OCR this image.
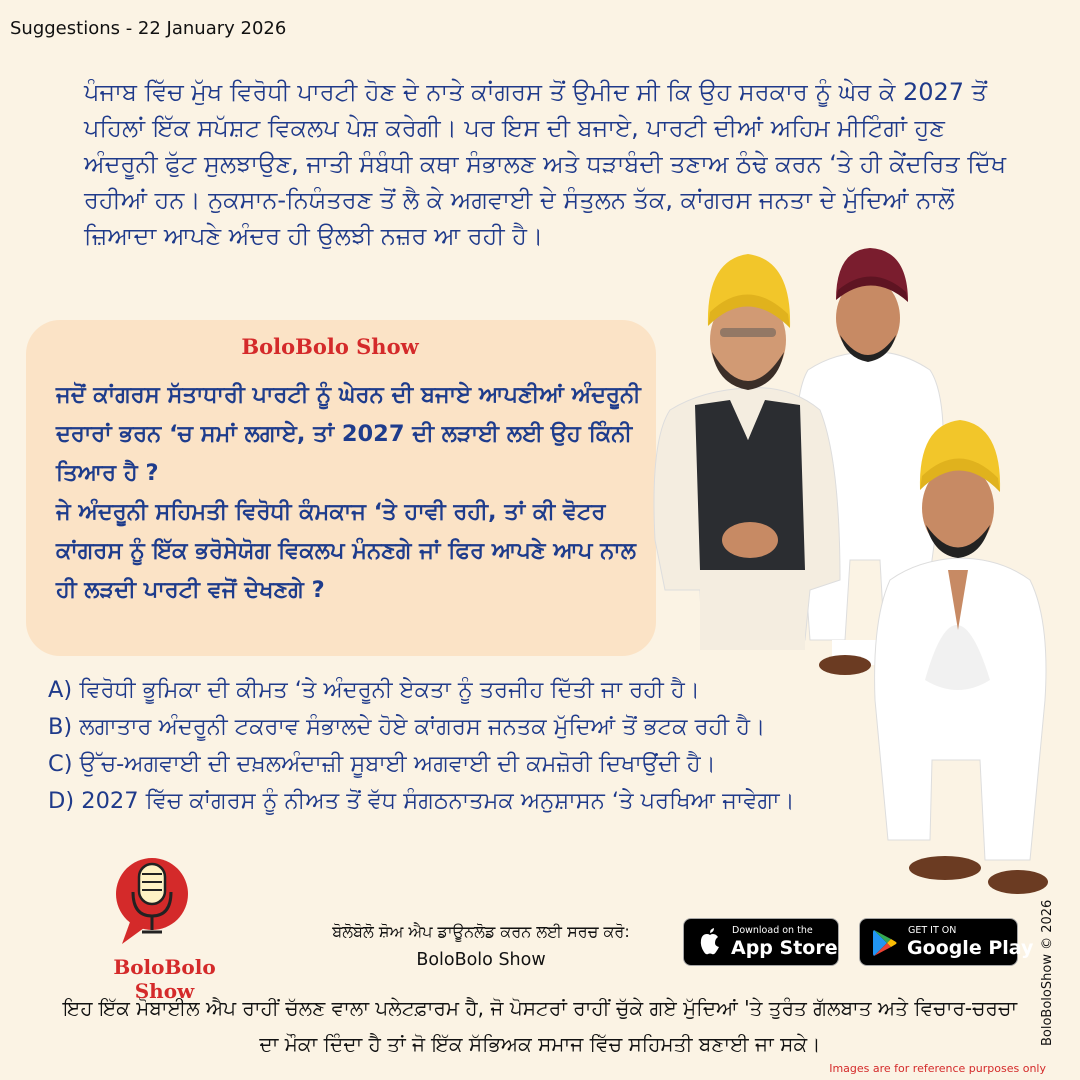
Suggestions - 22 January 2026
ਪੰਜਾਬ ਵਿੱਚ ਮੁੱਖ ਵਿਰੋਧੀ ਪਾਰਟੀ ਹੋਣ ਦੇ ਨਾਤੇ ਕਾਂਗਰਸ ਤੋਂ ਉਮੀਦ ਸੀ ਕਿ ਉਹ ਸਰਕਾਰ ਨੂੰ ਘੇਰ ਕੇ 2027 ਤੋਂ ਪਹਿਲਾਂ ਇੱਕ ਸਪੱਸ਼ਟ ਵਿਕਲਪ ਪੇਸ਼ ਕਰੇਗੀ। ਪਰ ਇਸ ਦੀ ਬਜਾਏ, ਪਾਰਟੀ ਦੀਆਂ ਅਹਿਮ ਮੀਟਿੰਗਾਂ ਹੁਣ ਅੰਦਰੂਨੀ ਫੁੱਟ ਸੁਲਝਾਉਣ, ਜਾਤੀ ਸੰਬੰਧੀ ਕਥਾ ਸੰਭਾਲਣ ਅਤੇ ਧੜਾਬੰਦੀ ਤਣਾਅ ਠੰਢੇ ਕਰਨ ‘ਤੇ ਹੀ ਕੇਂਦਰਿਤ ਦਿੱਖ ਰਹੀਆਂ ਹਨ। ਨੁਕਸਾਨ-ਨਿਯੰਤਰਣ ਤੋਂ ਲੈ ਕੇ ਅਗਵਾਈ ਦੇ ਸੰਤੁਲਨ ਤੱਕ, ਕਾਂਗਰਸ ਜਨਤਾ ਦੇ ਮੁੱਦਿਆਂ ਨਾਲੋਂ ਜ਼ਿਆਦਾ ਆਪਣੇ ਅੰਦਰ ਹੀ ਉਲਝੀ ਨਜ਼ਰ ਆ ਰਹੀ ਹੈ।
BoloBolo Show
ਜਦੋਂ ਕਾਂਗਰਸ ਸੱਤਾਧਾਰੀ ਪਾਰਟੀ ਨੂੰ ਘੇਰਨ ਦੀ ਬਜਾਏ ਆਪਣੀਆਂ ਅੰਦਰੂਨੀ ਦਰਾਰਾਂ ਭਰਨ ‘ਚ ਸਮਾਂ ਲਗਾਏ, ਤਾਂ 2027 ਦੀ ਲੜਾਈ ਲਈ ਉਹ ਕਿੰਨੀ ਤਿਆਰ ਹੈ ?
ਜੇ ਅੰਦਰੂਨੀ ਸਹਿਮਤੀ ਵਿਰੋਧੀ ਕੰਮਕਾਜ ‘ਤੇ ਹਾਵੀ ਰਹੀ, ਤਾਂ ਕੀ ਵੋਟਰ ਕਾਂਗਰਸ ਨੂੰ ਇੱਕ ਭਰੋਸੇਯੋਗ ਵਿਕਲਪ ਮੰਨਣਗੇ ਜਾਂ ਫਿਰ ਆਪਣੇ ਆਪ ਨਾਲ ਹੀ ਲੜਦੀ ਪਾਰਟੀ ਵਜੋਂ ਦੇਖਣਗੇ ?
A) ਵਿਰੋਧੀ ਭੂਮਿਕਾ ਦੀ ਕੀਮਤ ‘ਤੇ ਅੰਦਰੂਨੀ ਏਕਤਾ ਨੂੰ ਤਰਜੀਹ ਦਿੱਤੀ ਜਾ ਰਹੀ ਹੈ।
B) ਲਗਾਤਾਰ ਅੰਦਰੂਨੀ ਟਕਰਾਵ ਸੰਭਾਲਦੇ ਹੋਏ ਕਾਂਗਰਸ ਜਨਤਕ ਮੁੱਦਿਆਂ ਤੋਂ ਭਟਕ ਰਹੀ ਹੈ।
C) ਉੱਚ-ਅਗਵਾਈ ਦੀ ਦਖ਼ਲਅੰਦਾਜ਼ੀ ਸੂਬਾਈ ਅਗਵਾਈ ਦੀ ਕਮਜ਼ੋਰੀ ਦਿਖਾਉਂਦੀ ਹੈ।
D) 2027 ਵਿੱਚ ਕਾਂਗਰਸ ਨੂੰ ਨੀਅਤ ਤੋਂ ਵੱਧ ਸੰਗਠਨਾਤਮਕ ਅਨੁਸ਼ਾਸਨ ‘ਤੇ ਪਰਖਿਆ ਜਾਵੇਗਾ।
BoloBolo Show
ਬੋਲੋਬੋਲੋ ਸ਼ੋਅ ਐਪ ਡਾਊਨਲੋਡ ਕਰਨ ਲਈ ਸਰਚ ਕਰੋ:
BoloBolo Show
Download on the
App Store
GET IT ON
Google Play
ਇਹ ਇੱਕ ਮੋਬਾਈਲ ਐਪ ਰਾਹੀਂ ਚੱਲਣ ਵਾਲਾ ਪਲੇਟਫ਼ਾਰਮ ਹੈ, ਜੋ ਪੋਸਟਰਾਂ ਰਾਹੀਂ ਚੁੱਕੇ ਗਏ ਮੁੱਦਿਆਂ 'ਤੇ ਤੁਰੰਤ ਗੱਲਬਾਤ ਅਤੇ ਵਿਚਾਰ-ਚਰਚਾ ਦਾ ਮੌਕਾ ਦਿੰਦਾ ਹੈ ਤਾਂ ਜੋ ਇੱਕ ਸੱਭਿਅਕ ਸਮਾਜ ਵਿੱਚ ਸਹਿਮਤੀ ਬਣਾਈ ਜਾ ਸਕੇ।	BoloBoloShow © 2026
Images are for reference purposes only
